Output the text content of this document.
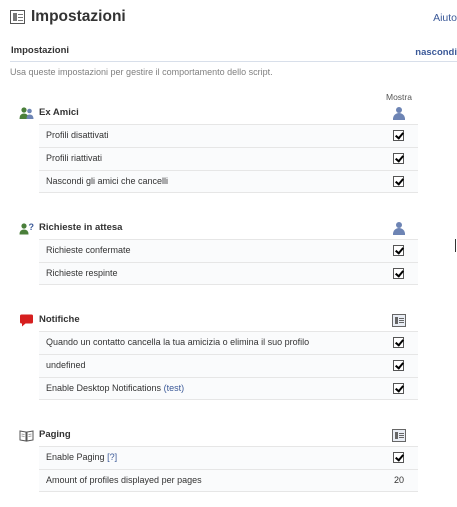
Impostazioni	Aiuto
Impostazioni	nascondi
Usa queste impostazioni per gestire il comportamento dello script.
Mostra
Ex Amici
Profili disattivati
Profili riattivati
Nascondi gli amici che cancelli
? Richieste in attesa
Richieste confermate
Richieste respinte
Notifiche
Quando un contatto cancella la tua amicizia o elimina il suo profilo
undefined
Enable Desktop Notifications (test)
Paging
Enable Paging [?]
Amount of profiles displayed per pages	20
